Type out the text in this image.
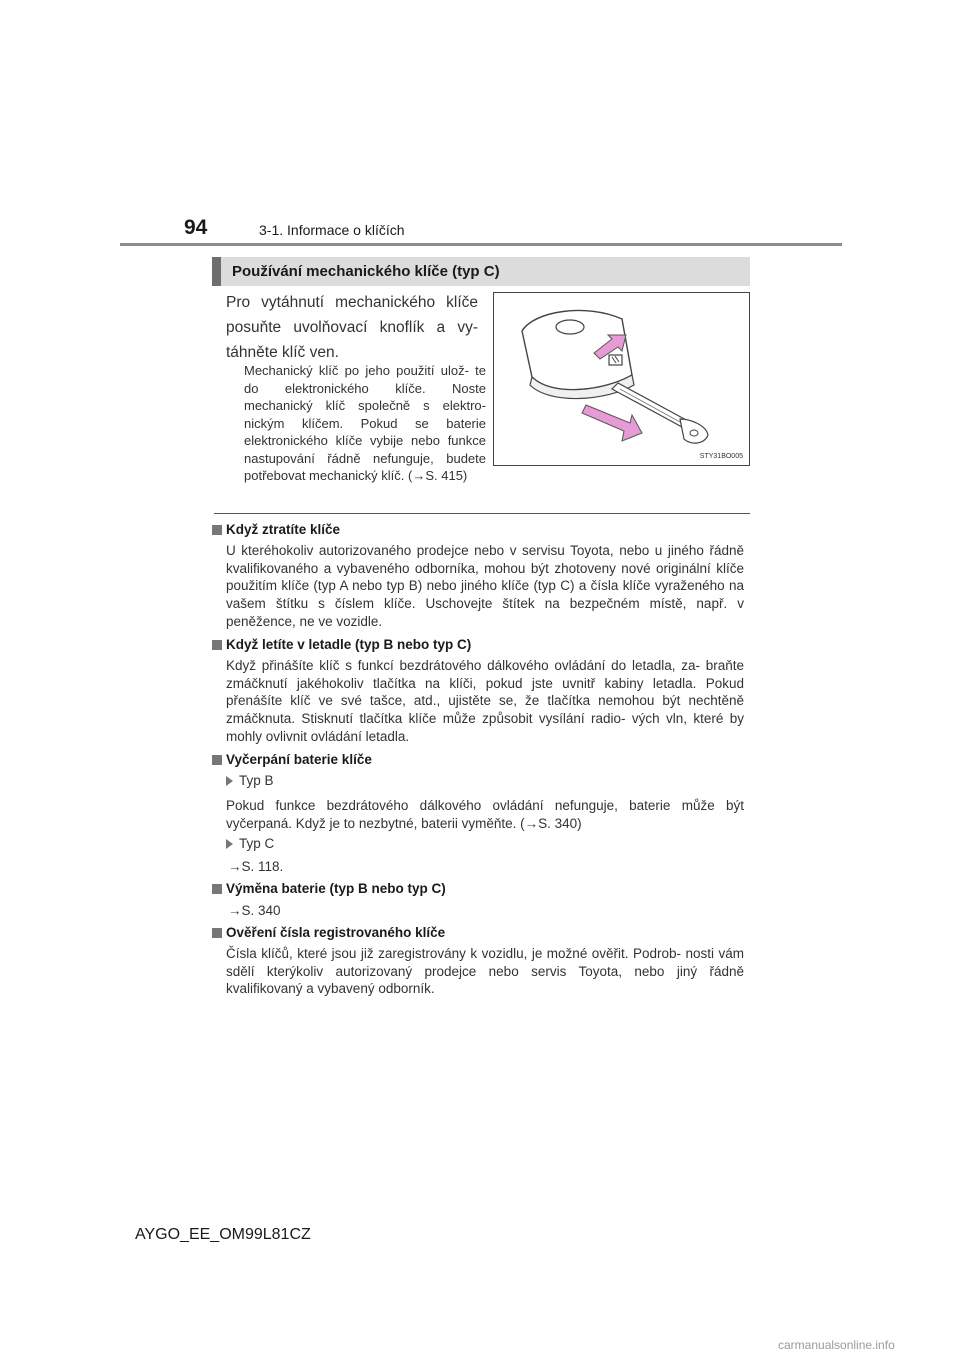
94	3-1. Informace o klíčích
Používání mechanického klíče (typ C)
Pro vytáhnutí mechanického klíče posuňte uvolňovací knoflík a vy- táhněte klíč ven.
Mechanický klíč po jeho použití ulož- te do elektronického klíče. Noste mechanický klíč společně s elektro- nickým klíčem. Pokud se baterie elektronického klíče vybije nebo funkce nastupování řádně nefunguje, budete potřebovat mechanický klíč. (→S. 415)
STY31BO005
Když ztratíte klíče
U kteréhokoliv autorizovaného prodejce nebo v servisu Toyota, nebo u jiného řádně kvalifikovaného a vybaveného odborníka, mohou být zhotoveny nové originální klíče použitím klíče (typ A nebo typ B) nebo jiného klíče (typ C) a čísla klíče vyraženého na vašem štítku s číslem klíče. Uschovejte štítek na bezpečném místě, např. v peněžence, ne ve vozidle.
Když letíte v letadle (typ B nebo typ C)
Když přinášíte klíč s funkcí bezdrátového dálkového ovládání do letadla, za- braňte zmáčknutí jakéhokoliv tlačítka na klíči, pokud jste uvnitř kabiny letadla. Pokud přenášíte klíč ve své tašce, atd., ujistěte se, že tlačítka nemohou být nechtěně zmáčknuta. Stisknutí tlačítka klíče může způsobit vysílání radio- vých vln, které by mohly ovlivnit ovládání letadla.
Vyčerpání baterie klíče
Typ B
Pokud funkce bezdrátového dálkového ovládání nefunguje, baterie může být vyčerpaná. Když je to nezbytné, baterii vyměňte. (→S. 340)
Typ C
→S. 118.
Výměna baterie (typ B nebo typ C)
→S. 340
Ověření čísla registrovaného klíče
Čísla klíčů, které jsou již zaregistrovány k vozidlu, je možné ověřit. Podrob- nosti vám sdělí kterýkoliv autorizovaný prodejce nebo servis Toyota, nebo jiný řádně kvalifikovaný a vybavený odborník.
AYGO_EE_OM99L81CZ
carmanualsonline.info
